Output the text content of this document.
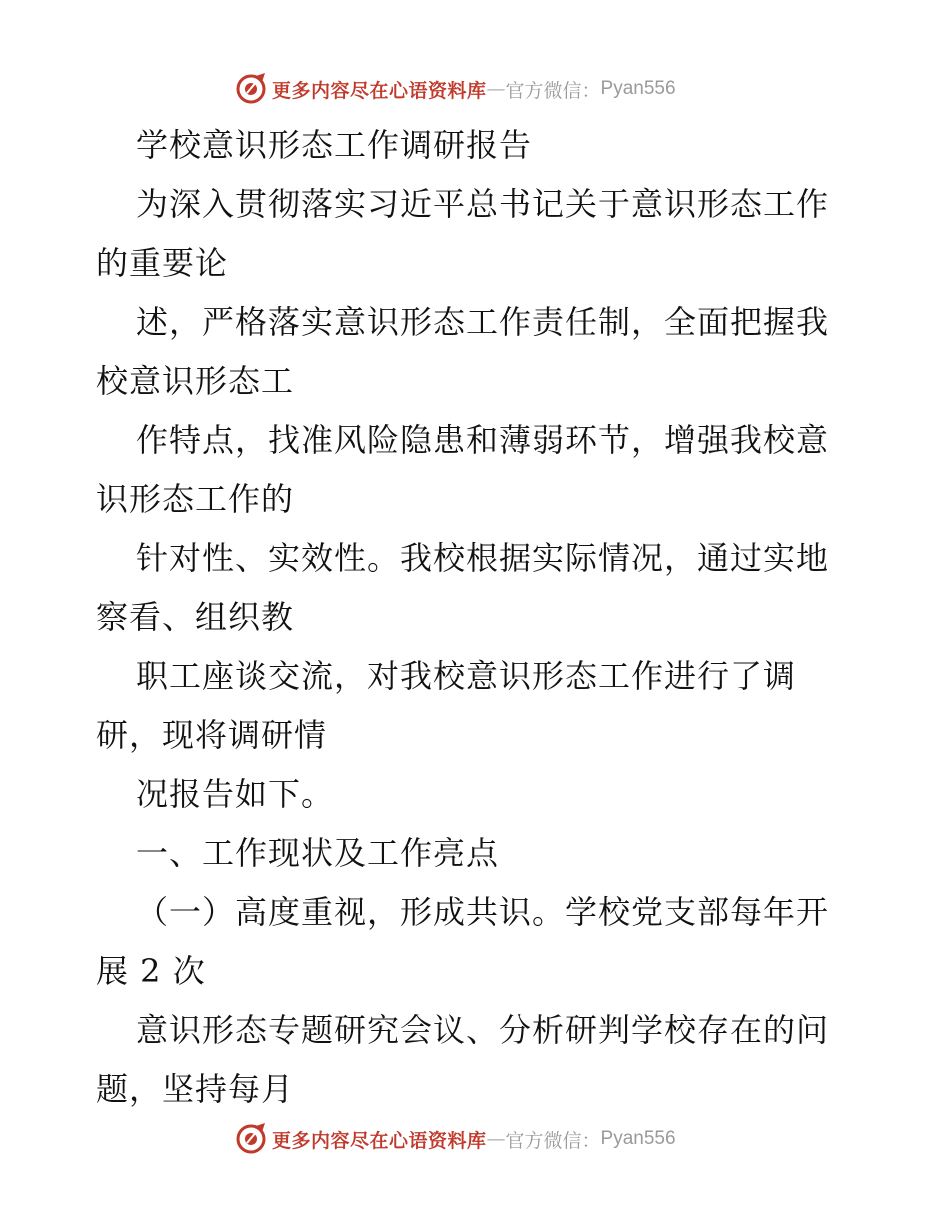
更多内容尽在心语资料库 — 官方微信： Pyan556
学校意识形态工作调研报告
为深入贯彻落实习近平总书记关于意识形态工作
的重要论
述，严格落实意识形态工作责任制，全面把握我
校意识形态工
作特点，找准风险隐患和薄弱环节，增强我校意
识形态工作的
针对性、实效性。我校根据实际情况，通过实地
察看、组织教
职工座谈交流，对我校意识形态工作进行了调
研，现将调研情
况报告如下。
一、工作现状及工作亮点
（一）高度重视，形成共识。学校党支部每年开
展 2 次
意识形态专题研究会议、分析研判学校存在的问
题，坚持每月
更多内容尽在心语资料库 — 官方微信： Pyan556
